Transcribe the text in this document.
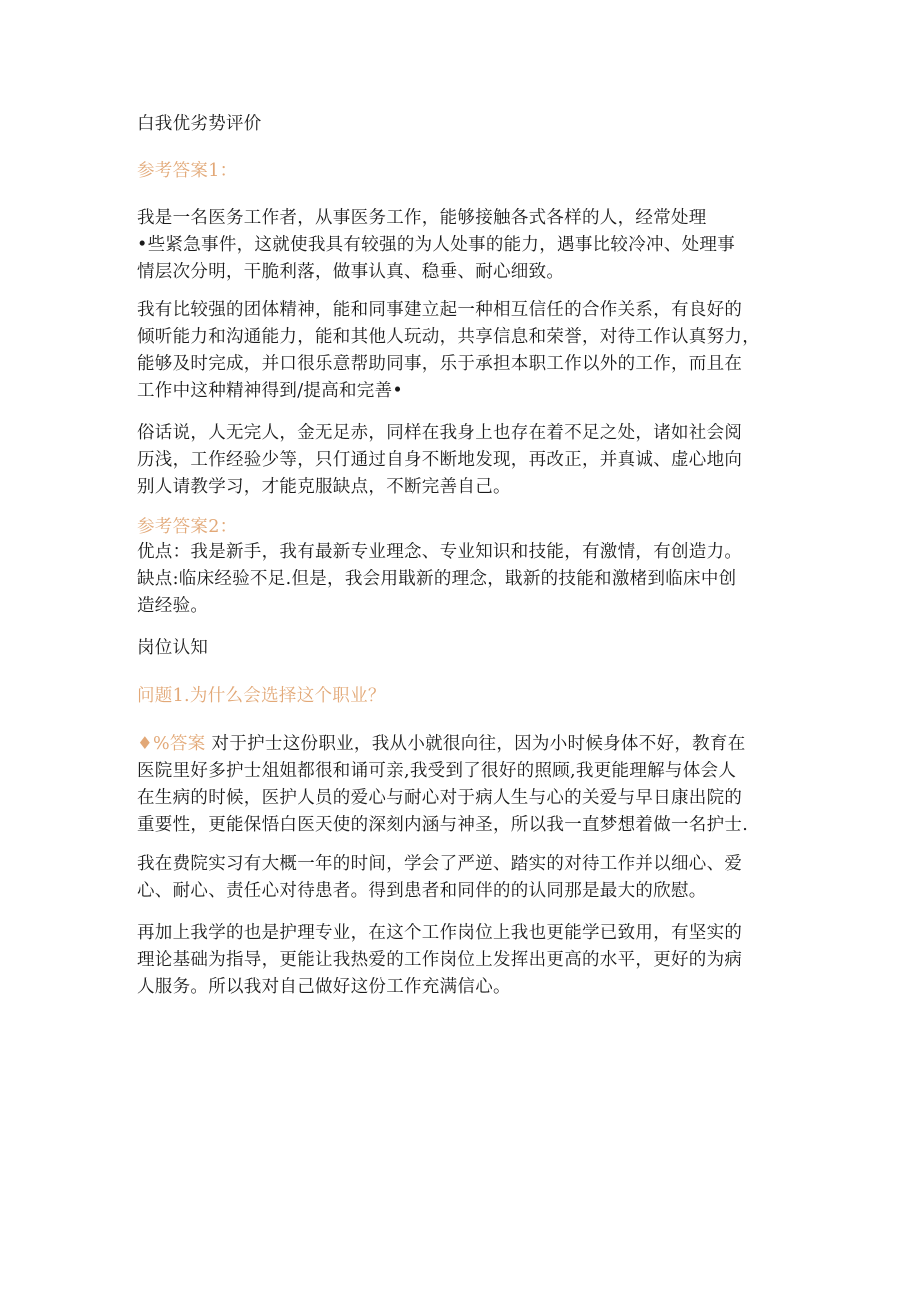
白我优劣势评价

参考答案1：

我是一名医务工作者，从事医务工作，能够接触各式各样的人，经常处理
•些紧急事件，这就使我具有较强的为人处事的能力，遇事比较冷冲、处理事
情层次分明，干脆利落，做事认真、稳垂、耐心细致。

我有比较强的团体精神，能和同事建立起一种相互信任的合作关系，有良好的
倾听能力和沟通能力，能和其他人玩动，共享信息和荣誉，对待工作认真努力，
能够及时完成，并口很乐意帮助同事，乐于承担本职工作以外的工作，而且在
工作中这种精神得到/提高和完善•

俗话说，人无完人，金无足赤，同样在我身上也存在着不足之处，诸如社会阅
历浅，工作经验少等，只仃通过自身不断地发现，再改正，并真诚、虚心地向
别人请教学习，才能克服缺点，不断完善自己。

参考答案2：

优点：我是新手，我有最新专业理念、专业知识和技能，有激情，有创造力。
缺点:临床经验不足.但是，我会用戢新的理念，戢新的技能和激楮到临床中创
造经验。

岗位认知

问题1.为什么会选择这个职业？

♦%答案 对于护士这份职业，我从小就很向往，因为小时候身体不好，教育在
医院里好多护士俎姐都很和诵可亲,我受到了很好的照顾,我更能理解与体会人
在生病的时候，医护人员的爱心与耐心对于病人生与心的关爱与早日康出院的
重要性，更能保悟白医天使的深刻内涵与神圣，所以我一直梦想着做一名护士.

我在费院实习有大概一年的时间，学会了严逆、踏实的对待工作并以细心、爱
心、耐心、责任心对待患者。得到患者和同伴的的认同那是最大的欣慰。

再加上我学的也是护理专业，在这个工作岗位上我也更能学已致用，有坚实的
理论基础为指导，更能让我热爱的工作岗位上发挥出更高的水平，更好的为病
人服务。所以我对自己做好这份工作充满信心。
